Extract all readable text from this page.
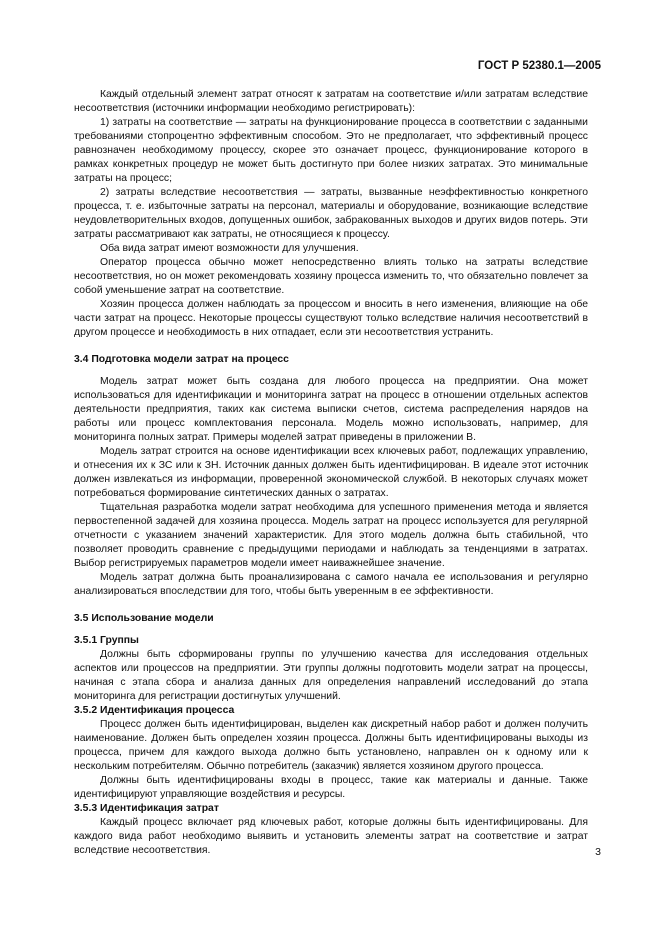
ГОСТ Р 52380.1—2005

Каждый отдельный элемент затрат относят к затратам на соответствие и/или затратам вследствие несоответствия (источники информации необходимо регистрировать):

1) затраты на соответствие — затраты на функционирование процесса в соответствии с заданными требованиями стопроцентно эффективным способом. Это не предполагает, что эффективный процесс равнозначен необходимому процессу, скорее это означает процесс, функционирование которого в рамках конкретных процедур не может быть достигнуто при более низких затратах. Это минимальные затраты на процесс;

2) затраты вследствие несоответствия — затраты, вызванные неэффективностью конкретного процесса, т. е. избыточные затраты на персонал, материалы и оборудование, возникающие вследствие неудовлетворительных входов, допущенных ошибок, забракованных выходов и других видов потерь. Эти затраты рассматривают как затраты, не относящиеся к процессу.

Оба вида затрат имеют возможности для улучшения.

Оператор процесса обычно может непосредственно влиять только на затраты вследствие несоответствия, но он может рекомендовать хозяину процесса изменить то, что обязательно повлечет за собой уменьшение затрат на соответствие.

Хозяин процесса должен наблюдать за процессом и вносить в него изменения, влияющие на обе части затрат на процесс. Некоторые процессы существуют только вследствие наличия несоответствий в другом процессе и необходимость в них отпадает, если эти несоответствия устранить.

3.4 Подготовка модели затрат на процесс

Модель затрат может быть создана для любого процесса на предприятии. Она может использоваться для идентификации и мониторинга затрат на процесс в отношении отдельных аспектов деятельности предприятия, таких как система выписки счетов, система распределения нарядов на работы или процесс комплектования персонала. Модель можно использовать, например, для мониторинга полных затрат. Примеры моделей затрат приведены в приложении В.

Модель затрат строится на основе идентификации всех ключевых работ, подлежащих управлению, и отнесения их к ЗС или к ЗН. Источник данных должен быть идентифицирован. В идеале этот источник должен извлекаться из информации, проверенной экономической службой. В некоторых случаях может потребоваться формирование синтетических данных о затратах.

Тщательная разработка модели затрат необходима для успешного применения метода и является первостепенной задачей для хозяина процесса. Модель затрат на процесс используется для регулярной отчетности с указанием значений характеристик. Для этого модель должна быть стабильной, что позволяет проводить сравнение с предыдущими периодами и наблюдать за тенденциями в затратах. Выбор регистрируемых параметров модели имеет наиважнейшее значение.

Модель затрат должна быть проанализирована с самого начала ее использования и регулярно анализироваться впоследствии для того, чтобы быть уверенным в ее эффективности.

3.5 Использование модели
3.5.1 Группы

Должны быть сформированы группы по улучшению качества для исследования отдельных аспектов или процессов на предприятии. Эти группы должны подготовить модели затрат на процессы, начиная с этапа сбора и анализа данных для определения направлений исследований до этапа мониторинга для регистрации достигнутых улучшений.

3.5.2 Идентификация процесса

Процесс должен быть идентифицирован, выделен как дискретный набор работ и должен получить наименование. Должен быть определен хозяин процесса. Должны быть идентифицированы выходы из процесса, причем для каждого выхода должно быть установлено, направлен он к одному или к нескольким потребителям. Обычно потребитель (заказчик) является хозяином другого процесса.

Должны быть идентифицированы входы в процесс, такие как материалы и данные. Также идентифицируют управляющие воздействия и ресурсы.

3.5.3 Идентификация затрат

Каждый процесс включает ряд ключевых работ, которые должны быть идентифицированы. Для каждого вида работ необходимо выявить и установить элементы затрат на соответствие и затрат вследствие несоответствия.	3
